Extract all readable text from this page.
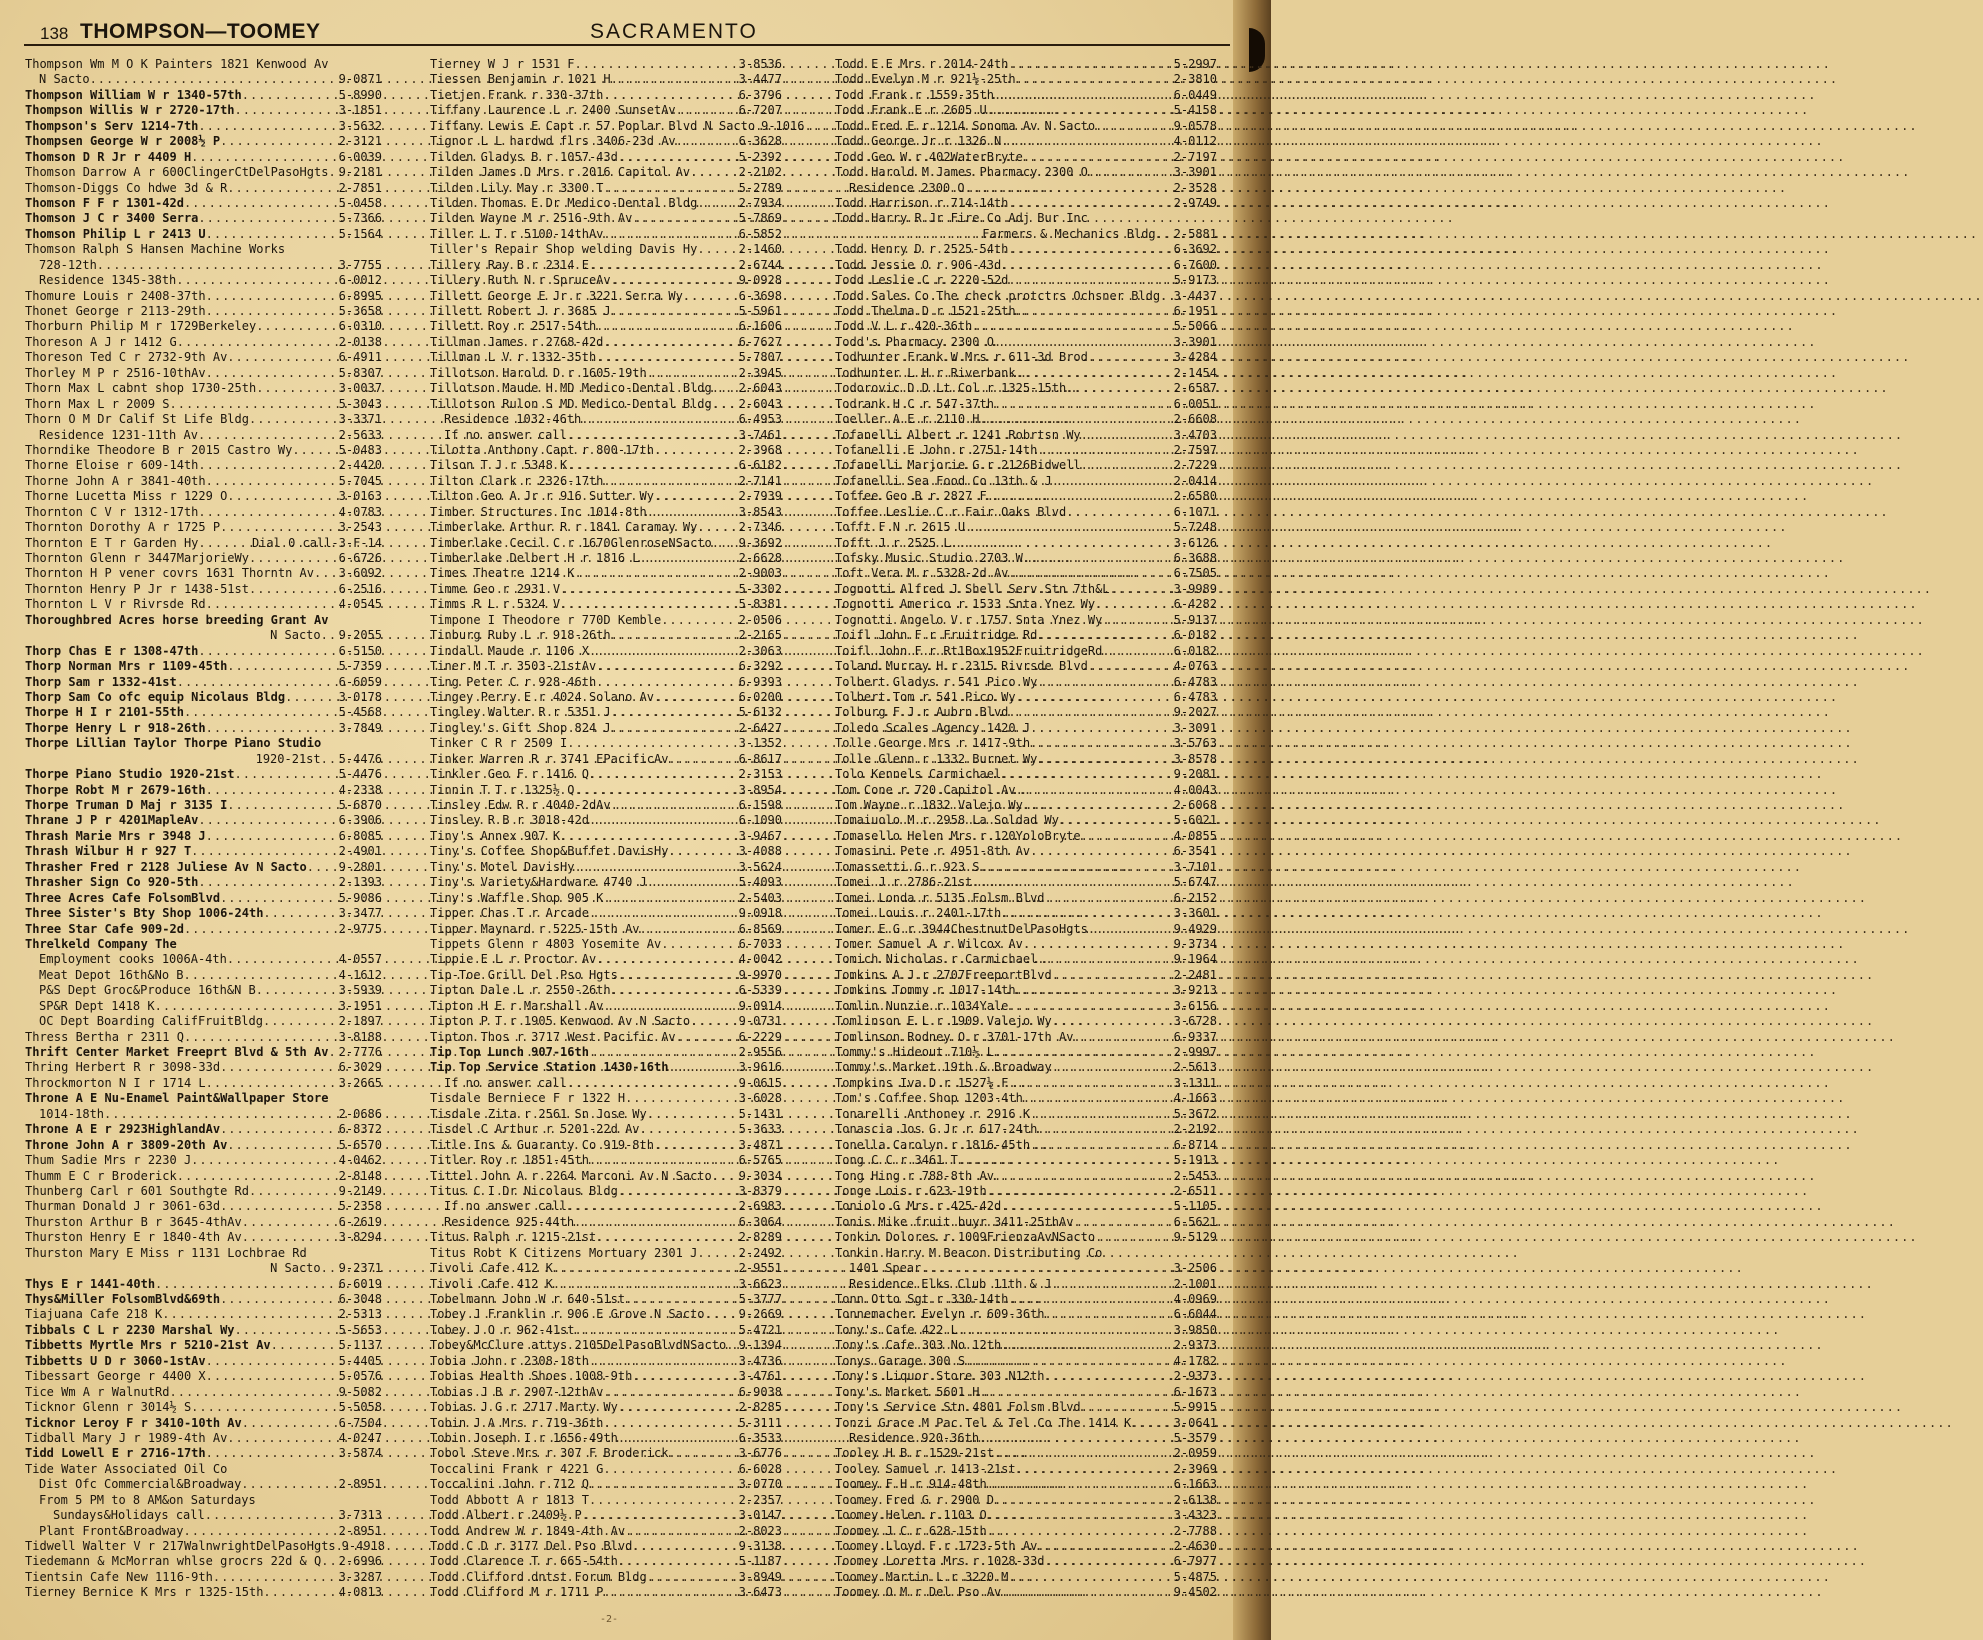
138 THOMPSON—TOOMEY	SACRAMENTO
Thompson Wm M O K Painters 1821 Kenwood Av
N Sacto .....	9-0871
Thompson William W r 1340-57th .....	5-8990
Thompson Willis W r 2720-17th .....	3-1851
Thompson's Serv 1214-7th .....	3-5632
Thompsen George W r 2008½ P .....	2-3121
Thomson D R Jr r 4409 H .....	6-0039
Thomson Darrow A r 600ClingerCtDelPasoHgts ..... 9-2181
Thomson-Diggs Co hdwe 3d & R .....	2-7851
Thomson F F r 1301-42d .....	5-0458
Thomson J C r 3400 Serra .....	5-7366
Thomson Philip L r 2413 U .....	5-1564
Thomson Ralph S Hansen Machine Works
728-12th .....	3-7755
Residence 1345-38th .....	6-0012
Thomure Louis r 2408-37th .....	6-8995
Thonet George r 2113-29th .....	5-3658
Thorburn Philip M r 1729Berkeley .....	6-0310
Thoreson A J r 1412 G .....	2-0138
Thoreson Ted C r 2732-9th Av .....	6-4911
Thorley M P r 2516-10thAv .....	5-8307
Thorn Max L cabnt shop 1730-25th .....	3-0037
Thorn Max L r 2009 S .....	5-3043
Thorn O M Dr Calif St Life Bldg .....	3-3371
Residence 1231-11th Av .....	2-5633
Thorndike Theodore B r 2015 Castro Wy .....	5-0483
Thorne Eloise r 609-14th .....	2-4420
Thorne John A r 3841-40th .....	5-7045
Thorne Lucetta Miss r 1229 O .....	3-0163
Thornton C V r 1312-17th .....	4-0783
Thornton Dorothy A r 1725 P .....	3-2543
Thornton E T r Garden Hy .....	Dial 0 call-3-F-14
Thornton Glenn r 3447MarjorieWy .....	6-6726
Thornton H P vener covrs 1631 Thorntn Av ..... 3-6092
Thornton Henry P Jr r 1438-51st .....	6-2516
Thornton L V r Rivrsde Rd .....	4-0545
Thoroughbred Acres horse breeding Grant Av
N Sacto ..... 9-2055
Thorp Chas E r 1308-47th .....	6-5150
Thorp Norman Mrs r 1109-45th .....	5-7359
Thorp Sam r 1332-41st .....	6-6059
Thorp Sam Co ofc equip Nicolaus Bldg .....	3-0178
Thorpe H I r 2101-55th .....	5-4568
Thorpe Henry L r 918-26th .....	3-7849
Thorpe Lillian Taylor Thorpe Piano Studio
1920-21st ..... 5-4476
Thorpe Piano Studio 1920-21st .....	5-4476
Thorpe Robt M r 2679-16th .....	4-2338
Thorpe Truman D Maj r 3135 I .....	5-6870
Thrane J P r 4201MapleAv .....	6-3906
Thrash Marie Mrs r 3948 J .....	6-8085
Thrash Wilbur H r 927 T .....	2-4901
Thrasher Fred r 2128 Juliese Av N Sacto .....	9-2801
Thrasher Sign Co 920-5th .....	2-1393
Three Acres Cafe FolsomBlvd .....	5-9086
Three Sister's Bty Shop 1006-24th .....	3-3477
Three Star Cafe 909-2d .....	2-9775
Threlkeld Company The
Employment cooks 1006A-4th .....	4-0557
Meat Depot 16th&No B .....	4-1612
P&S Dept Groc&Produce 16th&N B .....	3-5939
SP&R Dept 1418 K .....	3-1951
OC Dept Boarding CalifFruitBldg .....	2-1897
Thress Bertha r 2311 Q .....	3-8188
Thrift Center Market Freeprt Blvd & 5th Av ..... 2-7776
Thring Herbert R r 3098-33d .....	6-3029
Throckmorton N I r 1714 L .....	3-2665
Throne A E Nu-Enamel Paint&Wallpaper Store
1014-18th .....	2-0686
Throne A E r 2923HighlandAv .....	6-8372
Throne John A r 3809-20th Av .....	5-6570
Thum Sadie Mrs r 2230 J .....	4-0462
Thumm E C r Broderick .....	2-8148
Thunberg Carl r 601 Southgte Rd .....	9-2149
Thurman Donald J r 3061-63d .....	5-2358
Thurston Arthur B r 3645-4thAv .....	6-2619
Thurston Henry E r 1840-4th Av .....	3-8294
Thurston Mary E Miss r 1131 Lochbrae Rd
N Sacto ..... 9-2371
Thys E r 1441-40th .....	6-6019
Thys&Miller FolsomBlvd&69th .....	6-3048
Tiajuana Cafe 218 K .....	2-5313
Tibbals C L r 2230 Marshal Wy .....	5-5653
Tibbetts Myrtle Mrs r 5210-21st Av .....	5-1137
Tibbetts U D r 3060-1stAv .....	5-4405
Tibessart George r 4400 X .....	5-0576
Tice Wm A r WalnutRd .....	9-5082
Ticknor Glenn r 3014½ S .....	5-5058
Ticknor Leroy F r 3410-10th Av .....	6-7504
Tidball Mary J r 1989-4th Av .....	4-0247
Tidd Lowell E r 2716-17th .....	3-5874
Tide Water Associated Oil Co
Dist Ofc Commercial&Broadway .....	2-8951
From 5 PM to 8 AM&on Saturdays
Sundays&Holidays call .....	3-7313
Plant Front&Broadway .....	2-8951
Tidwell Walter V r 217WalnwrightDelPasoHgts ..... 9-4918
Tiedemann & McMorran whlse grocrs 22d & Q ..... 2-6996
Tientsin Cafe New 1116-9th .....	3-3287
Tierney Bernice K Mrs r 1325-15th .....	4-0813
Tierney W J r 1531 F .....	3-8536
Tiessen Benjamin r 1021 H .....	3-4477
Tietjen Frank r 330-37th .....	6-3796
Tiffany Laurence L r 2400 SunsetAv .....	6-7207
Tiffany Lewis E Capt r 57 Poplar Blvd N Sacto ..... 9-1016
Tignor L L hardwd flrs 3406-23d Av .....	6-3628
Tilden Gladys B r 1057-43d .....	5-2392
Tilden James D Mrs r 2016 Capitol Av .....	2-2102
Tilden Lily May r 3300 T .....	5-2789
Tilden Thomas E Dr Medico-Dental Bldg .....	2-7934
Tilden Wayne M r 2516-9th Av .....	5-7869
Tiller L T r 5100-14thAv .....	6-5852
Tiller's Repair Shop welding Davis Hy .....	2-1460
Tillery Ray B r 2314 E .....	2-6744
Tillery Ruth N r SpruceAv .....	9-0928
Tillett George E Jr r 3221 Serra Wy .....	6-3698
Tillett Robert J r 3685 J .....	5-5961
Tillett Roy r 2517-54th .....	6-1606
Tillman James r 2768-42d .....	6-7627
Tillman L V r 1332-35th .....	5-7807
Tillotson Harold D r 1605-19th .....	2-3945
Tillotson Maude H MD Medico-Dental Bldg ..... 2-6043
Tillotson Rulon S MD Medico-Dental Bldg ..... 2-6043
Residence 1032-46th .....	6-4953
If no answer call .....	3-7461
Tilotta Anthony Capt r 800-17th .....	2-3968
Tilson T J r 5348 K .....	6-6182
Tilton Clark r 2326-17th .....	2-7141
Tilton Geo A Jr r 916 Sutter Wy .....	2-7939
Timber Structures Inc 1014-8th .....	3-8543
Timberlake Arthur R r 1841 Caramay Wy .....	2-7346
Timberlake Cecil C r 1670GlenroseNSacto ..... 9-3692
Timberlake Delbert H r 1816 L .....	2-6628
Times Theatre 1214 K .....	2-9003
Timme Geo r 2931 V .....	5-3302
Timms R L r 5324 V .....	5-8381
Timpone I Theodore r 770D Kemble .....	2-0506
Tinburg Ruby L r 918-26th .....	2-2165
Tindall Maude r 1106 X .....	2-3063
Tiner M T r 3503-21stAv .....	6-3292
Ting Peter C r 928-46th .....	6-9393
Tingey Perry E r 4024 Solano Av .....	6-0200
Tingley Walter R r 5351 J .....	5-6132
Tingley's Gift Shop 824 J .....	2-6427
Tinker C R r 2509 I .....	3-1352
Tinker Warren R r 3741 EPacificAv .....	6-8617
Tinkler Geo F r 1416 Q .....	2-3153
Tinnin T T r 1325½ Q .....	3-8954
Tinsley Edw R r 4040-2dAv .....	6-1598
Tinsley R B r 3018-42d .....	6-1090
Tiny's Annex 907 K .....	3-9467
Tiny's Coffee Shop&Buffet DavisHy .....	3-4088
Tiny's Motel DavisHy .....	3-5624
Tiny's Variety&Hardware 4740 J .....	5-4093
Tiny's Waffle Shop 905 K .....	2-5403
Tipper Chas T r Arcade .....	9-0918
Tipper Maynard r 5225-15th Av .....	6-8569
Tippets Glenn r 4803 Yosemite Av .....	6-7033
Tippie E L r Proctor Av .....	4-0042
Tip-Toe Grill Del Pso Hgts .....	9-9970
Tipton Dale L r 2550-26th .....	6-5339
Tipton H E r Marshall Av .....	9-0914
Tipton P T r 1905 Kenwood Av N Sacto .....	9-0731
Tipton Thos r 3717 West Pacific Av .....	6-2229
Tip Top Lunch 907-16th .....	2-9556
Tip Top Service Station 1430-16th .....	3-9616
If no answer call .....	9-0615
Tisdale Berniece F r 1322 H .....	3-6028
Tisdale Zita r 2561 Sn Jose Wy .....	5-1431
Tisdel C Arthur r 5201-22d Av .....	5-3633
Title Ins & Guaranty Co 919-8th .....	3-4871
Titler Roy r 1851-45th .....	6-5765
Tittel John A r 2264 Marconi Av N Sacto ..... 9-3034
Titus C I Dr Nicolaus Bldg .....	3-8379
If no answer call .....	2-6983
Residence 925-44th .....	6-3064
Titus Ralph r 1215-21st .....	2-8289
Titus Robt K Citizens Mortuary 2301 J .....	2-2492
Tivoli Cafe 412 K .....	2-9551
Tivoli Cafe 412 K .....	3-6623
Tobelmann John W r 640-51st .....	5-3777
Tobey J Franklin r 906 E Grove N Sacto .....	9-2669
Tobey J O r 962-41st .....	5-4721
Tobey&McClure attys 2105DelPasoBlvdNSacto ..... 9-1394
Tobia John r 2308-18th .....	3-4736
Tobias Health Shoes 1008-9th .....	3-4761
Tobias J B r 2907-12thAv .....	6-9038
Tobias J G r 2717 Marty Wy .....	2-8285
Tobin J A Mrs r 719-36th .....	5-3111
Tobin Joseph I r 1656-49th .....	6-3533
Tobol Steve Mrs r 307 F Broderick .....	3-6776
Toccalini Frank r 4221 G .....	6-6028
Toccalini John r 712 Q .....	3-0770
Todd Abbott A r 1813 T .....	2-2357
Todd Albert r 2409½ P .....	3-0147
Todd Andrew W r 1849-4th Av .....	2-8023
Todd C D r 3177 Del Pso Blvd .....	9-3138
Todd Clarence T r 665-54th .....	5-1187
Todd Clifford dntst Forum Bldg .....	3-8949
Todd Clifford M r 1711 P .....	3-6473
Todd E E Mrs r 2014-24th .....	5-2997
Todd Evelyn M r 921½-25th .....	2-3810
Todd Frank r 1559-35th .....	6-0449
Todd Frank E r 2605 U .....	5-4158
Todd Fred E r 1214 Sonoma Av N Sacto .....	9-0578
Todd George Jr r 1326 N .....	4-0112
Todd Geo W r 402WaterBryte .....	2-7197
Todd Harold M James Pharmacy 2300 O .....	3-3901
Residence 2300 O .....	2-3528
Todd Harrison r 714-14th .....	2-9749
Todd Harry R Jr Fire Co Adj Bur Inc
Farmers & Mechanics Bldg ..... 2-5881
Todd Henry D r 2525-54th .....	6-3692
Todd Jessie O r 906-43d .....	6-7600
Todd Leslie C r 2220-52d .....	5-9173
Todd Sales Co The check protctrs Ochsner Bldg ..... 3-4437
Todd Thelma D r 1521-25th .....	6-1951
Todd V L r 420-36th .....	5-5066
Todd's Pharmacy 2300 O .....	3-3901
Todhunter Frank W Mrs r 611-3d Brod .....	3-4284
Todhunter L H r Riverbank .....	2-1454
Todorovic D D Lt Col r 1325-15th .....	2-6587
Todrank H C r 547-37th .....	6-0051
Toeller A E r 2110 H .....	2-6608
Tofanelli Albert r 1241 Robrtsn Wy .....	3-4703
Tofanelli E John r 2751-14th .....	2-7597
Tofanelli Marjorie G r 2126Bidwell .....	2-7229
Tofanelli Sea Food Co 13th & J .....	2-0414
Toffee Geo B r 2827 F .....	2-6580
Toffee Leslie C r Fair Oaks Blvd .....	6-1071
Tofft F N r 2615 U .....	5-7248
Tofft J r 2525 L .....	3-6126
Tofsky Music Studio 2703 W .....	6-3688
Toft Vera M r 5328-2d Av .....	6-7505
Tognotti Alfred J Shell Serv Stn 7th&L .....	3-9989
Tognotti Americo r 1533 Snta Ynez Wy .....	6-4282
Tognotti Angelo V r 1757 Snta Ynez Wy .....	5-9137
Toifl John F r Fruitridge Rd .....	6-0182
Toifl John F r Rt1Box1952FruitridgeRd .....	6-0182
Toland Murray H r 2315 Rivrsde Blvd .....	4-0763
Tolbert Gladys r 541 Pico Wy .....	6-4783
Tolbert Tom r 541 Pico Wy .....	6-4783
Tolburg F J r Aubrn Blvd .....	9-2027
Toledo Scales Agency 1420 J .....	3-3091
Tolle George Mrs r 1417-9th .....	3-5763
Tolle Glenn r 1332 Burnet Wy .....	3-8578
Tolo Kennels Carmichael .....	9-2081
Tom Cone r 720 Capitol Av .....	4-0043
Tom Wayne r 1832 Valejo Wy .....	2-6068
Tomaiuolo M r 2958 La Soldad Wy .....	5-6021
Tomasello Helen Mrs r 120YoloBryte .....	4-0855
Tomasini Pete r 4951-8th Av .....	6-3541
Tomassetti G r 923 S .....	3-7101
Tomei J r 2786-21st .....	5-6747
Tomei Londa r 5135 Folsm Blvd .....	6-2152
Tomei Louis r 2401-17th .....	3-3601
Tomer E G r 3944ChestnutDelPasoHgts .....	9-4929
Tomer Samuel A r Wilcox Av .....	9-3734
Tomich Nicholas r Carmichael .....	9-1964
Tomkins A J r 2707FreeportBlvd .....	2-2481
Tomkins Tommy r 1017-14th .....	3-9213
Tomlin Nunzie r 1034Yale .....	3-6156
Tomlinson E L r 1909 Valejo Wy .....	3-6728
Tomlinson Rodney O r 3701-17th Av .....	6-9337
Tommy's Hideout 710½ L .....	2-9997
Tommy's Market 19th & Broadway .....	2-5613
Tompkins Iva D r 1527½ F .....	3-1311
Tom's Coffee Shop 1203-4th .....	4-1663
Tonarelli Anthoney r 2916 K .....	5-3672
Tonascia Jos G Jr r 617-24th .....	2-2192
Tonella Carolyn r 1816-45th .....	6-8714
Tong C C r 3461 T .....	5-1913
Tong Hing r 788-8th Av .....	2-5453
Tonge Lois r 623-19th .....	2-6511
Toniolo G Mrs r 425-42d .....	5-1105
Tonis Mike fruit buyr 3411-25thAv .....	6-5621
Tonkin Dolores r 1009FrienzaAvNSacto .....	9-5129
Tonkin Harry M Beacon Distributing Co
1401 Spear .....	3-2506
Residence Elks Club 11th & J .....	2-1001
Tonn Otto Sgt r 330-14th .....	4-0969
Tonnemacher Evelyn r 609-36th .....	6-6044
Tony's Cafe 422 L .....	3-9850
Tony's Cafe 303 No 12th .....	2-9373
Tonys Garage 300 S .....	4-1782
Tony's Liquor Store 303 N12th .....	2-9373
Tony's Market 5601 H .....	6-1673
Tony's Service Stn 4801 Folsm Blvd .....	5-9915
Tonzi Grace M Pac Tel & Tel Co The 1414 K .....	3-0641
Residence 920-36th .....	5-3579
Tooley H B r 1529-21st .....	2-0959
Tooley Samuel r 1413-21st .....	2-3969
Toomey F H r 914-48th .....	6-1663
Toomey Fred G r 2900 D .....	2-6138
Toomey Helen r 1103 O .....	3-4323
Toomey J C r 628-15th .....	2-7788
Toomey Lloyd F r 1723-5th Av .....	2-4630
Toomey Loretta Mrs r 1028-33d .....	6-7977
Toomey Martin L r 3220 M .....	5-4875
Toomey O M r Del Pso Av .....	9-4502
-2-
